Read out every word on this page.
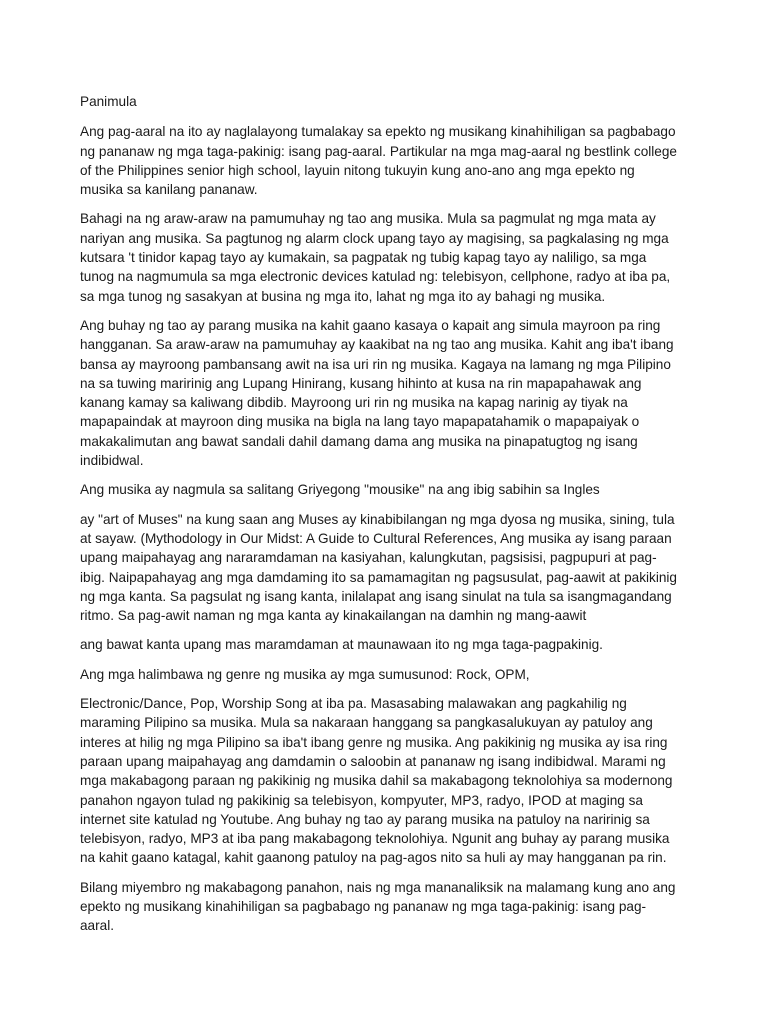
Panimula

Ang pag-aaral na ito ay naglalayong tumalakay sa epekto ng musikang kinahihiligan sa pagbabago ng pananaw ng mga taga-pakinig: isang pag-aaral. Partikular na mga mag-aaral ng bestlink college of the Philippines senior high school, layuin nitong tukuyin kung ano-ano ang mga epekto ng musika sa kanilang pananaw.

Bahagi na ng araw-araw na pamumuhay ng tao ang musika. Mula sa pagmulat ng mga mata ay nariyan ang musika. Sa pagtunog ng alarm clock upang tayo ay magising, sa pagkalasing ng mga kutsara 't tinidor kapag tayo ay kumakain, sa pagpatak ng tubig kapag tayo ay naliligo, sa mga tunog na nagmumula sa mga electronic devices katulad ng: telebisyon, cellphone, radyo at iba pa, sa mga tunog ng sasakyan at busina ng mga ito, lahat ng mga ito ay bahagi ng musika.

Ang buhay ng tao ay parang musika na kahit gaano kasaya o kapait ang simula mayroon pa ring hangganan. Sa araw-araw na pamumuhay ay kaakibat na ng tao ang musika. Kahit ang iba't ibang bansa ay mayroong pambansang awit na isa uri rin ng musika. Kagaya na lamang ng mga Pilipino na sa tuwing maririnig ang Lupang Hinirang, kusang hihinto at kusa na rin mapapahawak ang kanang kamay sa kaliwang dibdib. Mayroong uri rin ng musika na kapag narinig ay tiyak na mapapaindak at mayroon ding musika na bigla na lang tayo mapapatahamik o mapapaiyak o makakalimutan ang bawat sandali dahil damang dama ang musika na pinapatugtog ng isang indibidwal.

Ang musika ay nagmula sa salitang Griyegong "mousike" na ang ibig sabihin sa Ingles

ay "art of Muses" na kung saan ang Muses ay kinabibilangan ng mga dyosa ng musika, sining, tula at sayaw. (Mythodology in Our Midst: A Guide to Cultural References, Ang musika ay isang paraan upang maipahayag ang nararamdaman na kasiyahan, kalungkutan, pagsisisi, pagpupuri at pag-ibig. Naipapahayag ang mga damdaming ito sa pamamagitan ng pagsusulat, pag-aawit at pakikinig ng mga kanta. Sa pagsulat ng isang kanta, inilalapat ang isang sinulat na tula sa isangmagandang ritmo. Sa pag-awit naman ng mga kanta ay kinakailangan na damhin ng mang-aawit

ang bawat kanta upang mas maramdaman at maunawaan ito ng mga taga-pagpakinig.

Ang mga halimbawa ng genre ng musika ay mga sumusunod: Rock, OPM,

Electronic/Dance, Pop, Worship Song at iba pa. Masasabing malawakan ang pagkahilig ng maraming Pilipino sa musika. Mula sa nakaraan hanggang sa pangkasalukuyan ay patuloy ang interes at hilig ng mga Pilipino sa iba't ibang genre ng musika. Ang pakikinig ng musika ay isa ring paraan upang maipahayag ang damdamin o saloobin at pananaw ng isang indibidwal. Marami ng mga makabagong paraan ng pakikinig ng musika dahil sa makabagong teknolohiya sa modernong panahon ngayon tulad ng pakikinig sa telebisyon, kompyuter, MP3, radyo, IPOD at maging sa internet site katulad ng Youtube. Ang buhay ng tao ay parang musika na patuloy na naririnig sa telebisyon, radyo, MP3 at iba pang makabagong teknolohiya. Ngunit ang buhay ay parang musika na kahit gaano katagal, kahit gaanong patuloy na pag-agos nito sa huli ay may hangganan pa rin.

Bilang miyembro ng makabagong panahon, nais ng mga mananaliksik na malamang kung ano ang epekto ng musikang kinahihiligan sa pagbabago ng pananaw ng mga taga-pakinig: isang pag-aaral.
